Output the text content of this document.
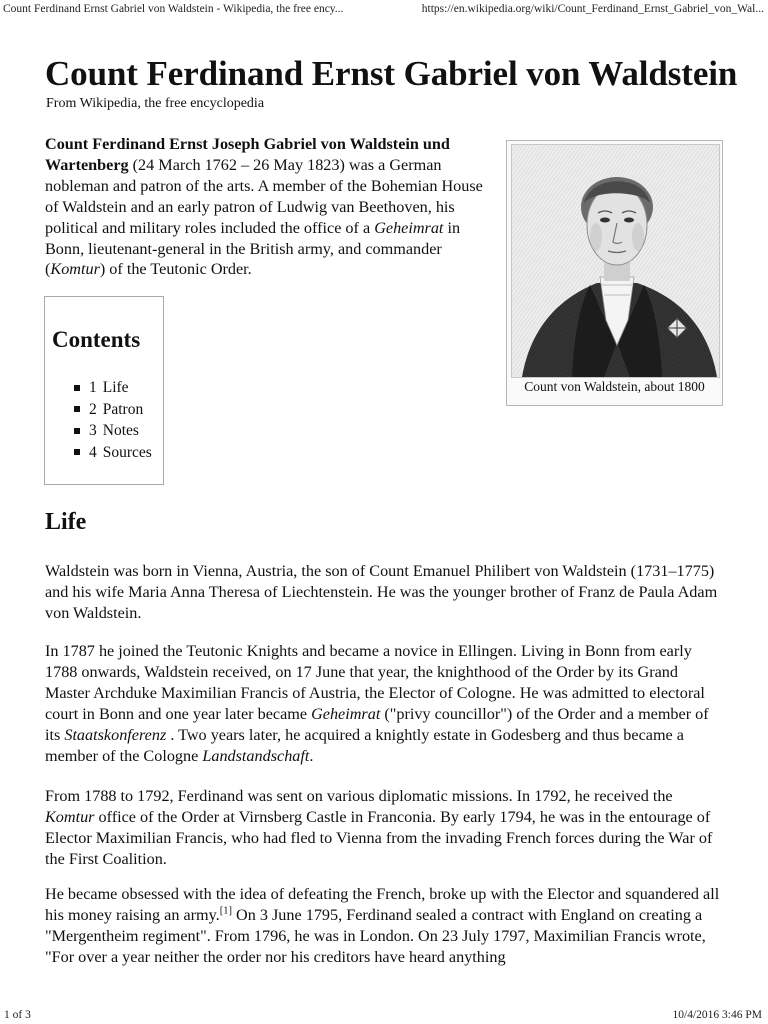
Count Ferdinand Ernst Gabriel von Waldstein - Wikipedia, the free ency...	https://en.wikipedia.org/wiki/Count_Ferdinand_Ernst_Gabriel_von_Wal...
Count Ferdinand Ernst Gabriel von Waldstein
From Wikipedia, the free encyclopedia
Count Ferdinand Ernst Joseph Gabriel von Waldstein und Wartenberg (24 March 1762 – 26 May 1823) was a German nobleman and patron of the arts. A member of the Bohemian House of Waldstein and an early patron of Ludwig van Beethoven, his political and military roles included the office of a Geheimrat in Bonn, lieutenant-general in the British army, and commander (Komtur) of the Teutonic Order.
Count von Waldstein, about 1800
Contents
1 Life
2 Patron
3 Notes
4 Sources
Life
Waldstein was born in Vienna, Austria, the son of Count Emanuel Philibert von Waldstein (1731–1775) and his wife Maria Anna Theresa of Liechtenstein. He was the younger brother of Franz de Paula Adam von Waldstein.
In 1787 he joined the Teutonic Knights and became a novice in Ellingen. Living in Bonn from early 1788 onwards, Waldstein received, on 17 June that year, the knighthood of the Order by its Grand Master Archduke Maximilian Francis of Austria, the Elector of Cologne. He was admitted to electoral court in Bonn and one year later became Geheimrat ("privy councillor") of the Order and a member of its Staatskonferenz . Two years later, he acquired a knightly estate in Godesberg and thus became a member of the Cologne Landstandschaft.
From 1788 to 1792, Ferdinand was sent on various diplomatic missions. In 1792, he received the Komtur office of the Order at Virnsberg Castle in Franconia. By early 1794, he was in the entourage of Elector Maximilian Francis, who had fled to Vienna from the invading French forces during the War of the First Coalition.
He became obsessed with the idea of defeating the French, broke up with the Elector and squandered all his money raising an army.[1] On 3 June 1795, Ferdinand sealed a contract with England on creating a "Mergentheim regiment". From 1796, he was in London. On 23 July 1797, Maximilian Francis wrote, "For over a year neither the order nor his creditors have heard anything
1 of 3	10/4/2016 3:46 PM
